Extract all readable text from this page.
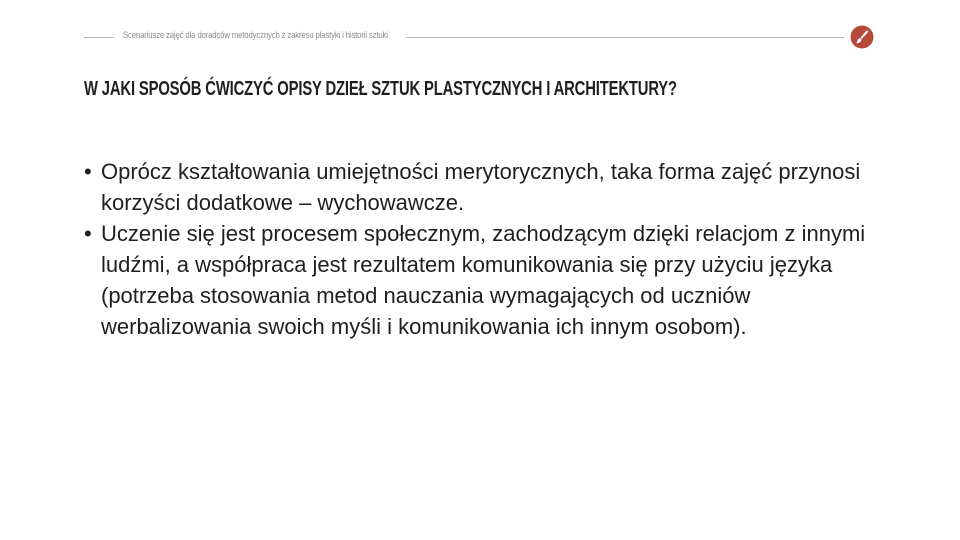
Scenariusze zajęć dla doradców metodycznych z zakresu plastyki i historii sztuki
W JAKI SPOSÓB ĆWICZYĆ OPISY DZIEŁ SZTUK PLASTYCZNYCH I ARCHITEKTURY?
• Oprócz kształtowania umiejętności merytorycznych, taka forma zajęć przynosi korzyści dodatkowe – wychowawcze.
• Uczenie się jest procesem społecznym, zachodzącym dzięki relacjom z innymi ludźmi, a współpraca jest rezultatem komunikowania się przy użyciu języka (potrzeba stosowania metod nauczania wymagających od uczniów werbalizowania swoich myśli i komunikowania ich innym osobom).
